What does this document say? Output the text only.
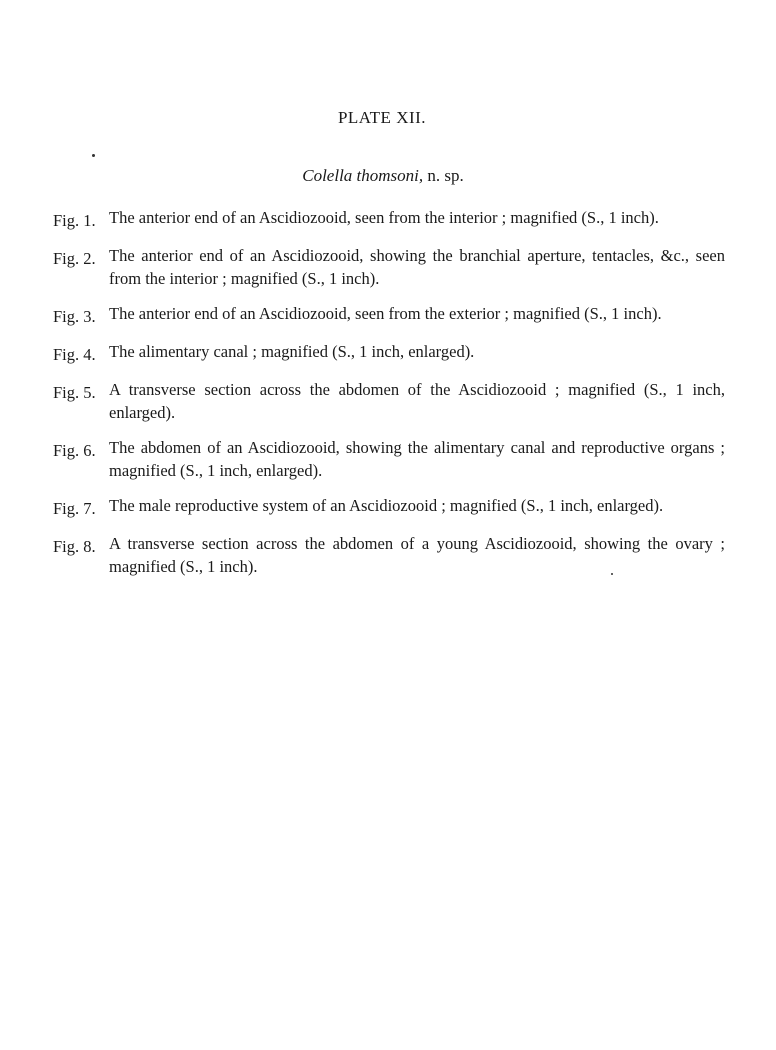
PLATE XII.
Colella thomsoni, n. sp.
Fig. 1. The anterior end of an Ascidiozooid, seen from the interior ; magnified (S., 1 inch).
Fig. 2. The anterior end of an Ascidiozooid, showing the branchial aperture, tentacles, &c., seen from the interior ; magnified (S., 1 inch).
Fig. 3. The anterior end of an Ascidiozooid, seen from the exterior ; magnified (S., 1 inch).
Fig. 4. The alimentary canal ; magnified (S., 1 inch, enlarged).
Fig. 5. A transverse section across the abdomen of the Ascidiozooid ; magnified (S., 1 inch, enlarged).
Fig. 6. The abdomen of an Ascidiozooid, showing the alimentary canal and reproductive organs ; magnified (S., 1 inch, enlarged).
Fig. 7. The male reproductive system of an Ascidiozooid ; magnified (S., 1 inch, enlarged).
Fig. 8. A transverse section across the abdomen of a young Ascidiozooid, showing the ovary ; magnified (S., 1 inch).
